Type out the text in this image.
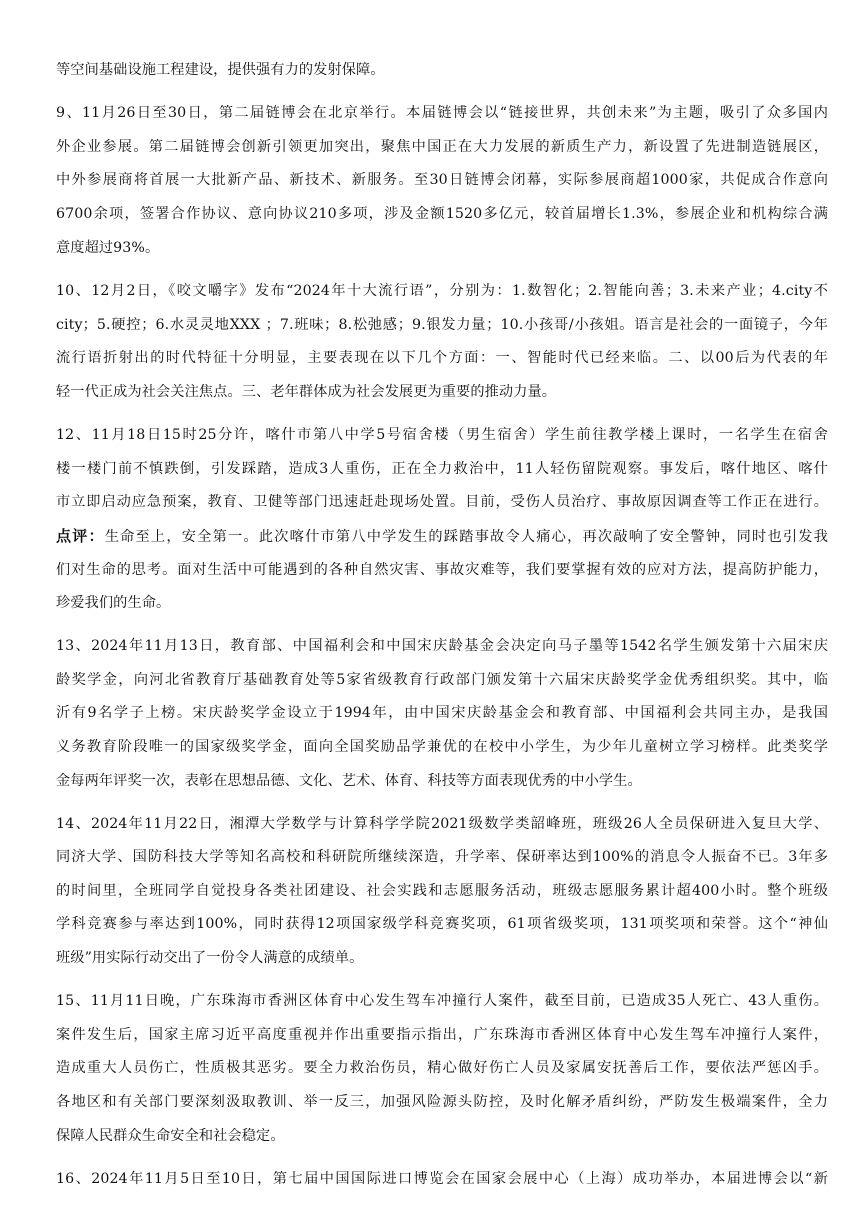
等空间基础设施工程建设，提供强有力的发射保障。
9、11月26日至30日，第二届链博会在北京举行。本届链博会以“链接世界，共创未来”为主题，吸引了众多国内
外企业参展。第二届链博会创新引领更加突出，聚焦中国正在大力发展的新质生产力，新设置了先进制造链展区，
中外参展商将首展一大批新产品、新技术、新服务。至30日链博会闭幕，实际参展商超1000家，共促成合作意向
6700余项，签署合作协议、意向协议210多项，涉及金额1520多亿元，较首届增长1.3%，参展企业和机构综合满
意度超过93%。
10、12月2日，《咬文嚼字》发布“2024年十大流行语”，分别为：1.数智化；2.智能向善；3.未来产业；4.city不
city；5.硬控；6.水灵灵地XXX ；7.班味；8.松弛感；9.银发力量；10.小孩哥/小孩姐。语言是社会的一面镜子，今年
流行语折射出的时代特征十分明显，主要表现在以下几个方面：一、智能时代已经来临。二、以00后为代表的年
轻一代正成为社会关注焦点。三、老年群体成为社会发展更为重要的推动力量。
12、11月18日15时25分许，喀什市第八中学5号宿舍楼（男生宿舍）学生前往教学楼上课时，一名学生在宿舍
楼一楼门前不慎跌倒，引发踩踏，造成3人重伤，正在全力救治中，11人轻伤留院观察。事发后，喀什地区、喀什
市立即启动应急预案，教育、卫健等部门迅速赶赴现场处置。目前，受伤人员治疗、事故原因调查等工作正在进行。
点评：生命至上，安全第一。此次喀什市第八中学发生的踩踏事故令人痛心，再次敲响了安全警钟，同时也引发我
们对生命的思考。面对生活中可能遇到的各种自然灾害、事故灾难等，我们要掌握有效的应对方法，提高防护能力，
珍爱我们的生命。
13、2024年11月13日，教育部、中国福利会和中国宋庆龄基金会决定向马子墨等1542名学生颁发第十六届宋庆
龄奖学金，向河北省教育厅基础教育处等5家省级教育行政部门颁发第十六届宋庆龄奖学金优秀组织奖。其中，临
沂有9名学子上榜。宋庆龄奖学金设立于1994年，由中国宋庆龄基金会和教育部、中国福利会共同主办，是我国
义务教育阶段唯一的国家级奖学金，面向全国奖励品学兼优的在校中小学生，为少年儿童树立学习榜样。此类奖学
金每两年评奖一次，表彰在思想品德、文化、艺术、体育、科技等方面表现优秀的中小学生。
14、2024年11月22日，湘潭大学数学与计算科学学院2021级数学类韶峰班，班级26人全员保研进入复旦大学、
同济大学、国防科技大学等知名高校和科研院所继续深造，升学率、保研率达到100%的消息令人振奋不已。3年多
的时间里，全班同学自觉投身各类社团建设、社会实践和志愿服务活动，班级志愿服务累计超400小时。整个班级
学科竞赛参与率达到100%，同时获得12项国家级学科竞赛奖项，61项省级奖项，131项奖项和荣誉。这个“神仙
班级”用实际行动交出了一份令人满意的成绩单。
15、11月11日晚，广东珠海市香洲区体育中心发生驾车冲撞行人案件，截至目前，已造成35人死亡、43人重伤。
案件发生后，国家主席习近平高度重视并作出重要指示指出，广东珠海市香洲区体育中心发生驾车冲撞行人案件，
造成重大人员伤亡，性质极其恶劣。要全力救治伤员，精心做好伤亡人员及家属安抚善后工作，要依法严惩凶手。
各地区和有关部门要深刻汲取教训、举一反三，加强风险源头防控，及时化解矛盾纠纷，严防发生极端案件，全力
保障人民群众生命安全和社会稳定。
16、2024年11月5日至10日，第七届中国国际进口博览会在国家会展中心（上海）成功举办，本届进博会以“新
